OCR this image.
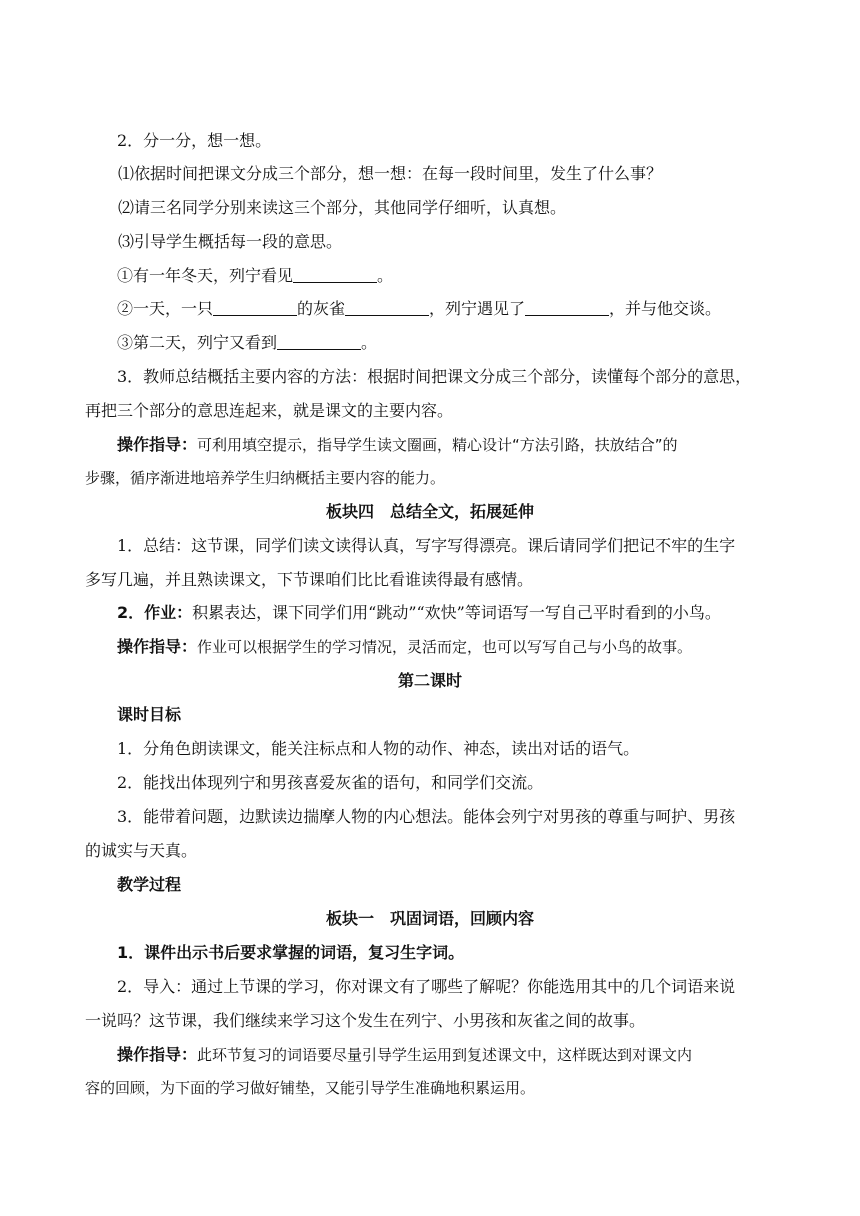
2．分一分，想一想。
⑴依据时间把课文分成三个部分，想一想：在每一段时间里，发生了什么事？
⑵请三名同学分别来读这三个部分，其他同学仔细听，认真想。
⑶引导学生概括每一段的意思。
①有一年冬天，列宁看见	。
②一天，一只	的灰雀	，列宁遇见了	，并与他交谈。
③第二天，列宁又看到	。
3．教师总结概括主要内容的方法：根据时间把课文分成三个部分，读懂每个部分的意思，
再把三个部分的意思连起来，就是课文的主要内容。
操作指导：可利用填空提示，指导学生读文圈画，精心设计“方法引路，扶放结合”的
步骤，循序渐进地培养学生归纳概括主要内容的能力。
板块四　总结全文，拓展延伸
1．总结：这节课，同学们读文读得认真，写字写得漂亮。课后请同学们把记不牢的生字
多写几遍，并且熟读课文，下节课咱们比比看谁读得最有感情。
2．作业：积累表达，课下同学们用“跳动”“欢快”等词语写一写自己平时看到的小鸟。
操作指导：作业可以根据学生的学习情况，灵活而定，也可以写写自己与小鸟的故事。
第二课时
课时目标
1．分角色朗读课文，能关注标点和人物的动作、神态，读出对话的语气。
2．能找出体现列宁和男孩喜爱灰雀的语句，和同学们交流。
3．能带着问题，边默读边揣摩人物的内心想法。能体会列宁对男孩的尊重与呵护、男孩
的诚实与天真。
教学过程
板块一　巩固词语，回顾内容
1．课件出示书后要求掌握的词语，复习生字词。
2．导入：通过上节课的学习，你对课文有了哪些了解呢？你能选用其中的几个词语来说
一说吗？这节课，我们继续来学习这个发生在列宁、小男孩和灰雀之间的故事。
操作指导：此环节复习的词语要尽量引导学生运用到复述课文中，这样既达到对课文内
容的回顾，为下面的学习做好铺垫，又能引导学生准确地积累运用。
